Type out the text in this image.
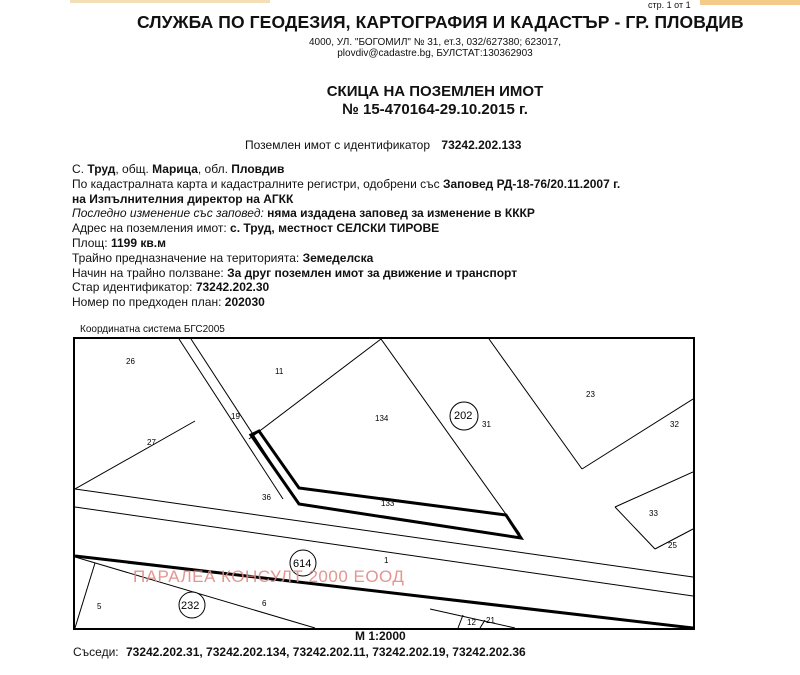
стр. 1 от 1
СЛУЖБА ПО ГЕОДЕЗИЯ, КАРТОГРАФИЯ И КАДАСТЪР - ГР. ПЛОВДИВ
4000, УЛ. "БОГОМИЛ" № 31, ет.3, 032/627380; 623017,
plovdiv@cadastre.bg, БУЛСТАТ:130362903
СКИЦА НА ПОЗЕМЛЕН ИМОТ
№ 15-470164-29.10.2015 г.
Поземлен имот с идентификатор 73242.202.133
С. Труд, общ. Марица, обл. Пловдив
По кадастралната карта и кадастралните регистри, одобрени със Заповед РД-18-76/20.11.2007 г.
на Изпълнителния директор на АГКК
Последно изменение със заповед: няма издадена заповед за изменение в КККР
Адрес на поземления имот: с. Труд, местност СЕЛСКИ ТИРОВЕ
Площ: 1199 кв.м
Трайно предназначение на територията: Земеделска
Начин на трайно ползване: За друг поземлен имот за движение и транспорт
Стар идентификатор: 73242.202.30
Номер по предходен план: 202030
Координатна система БГС2005
26
11
134	202
31
23
32
19
27
36
133
33
25
614	1
5	232	6
12 21
ПАРАЛЕА КОНСУЛТ 2000 ЕООД
М 1:2000
Съседи: 73242.202.31, 73242.202.134, 73242.202.11, 73242.202.19, 73242.202.36
